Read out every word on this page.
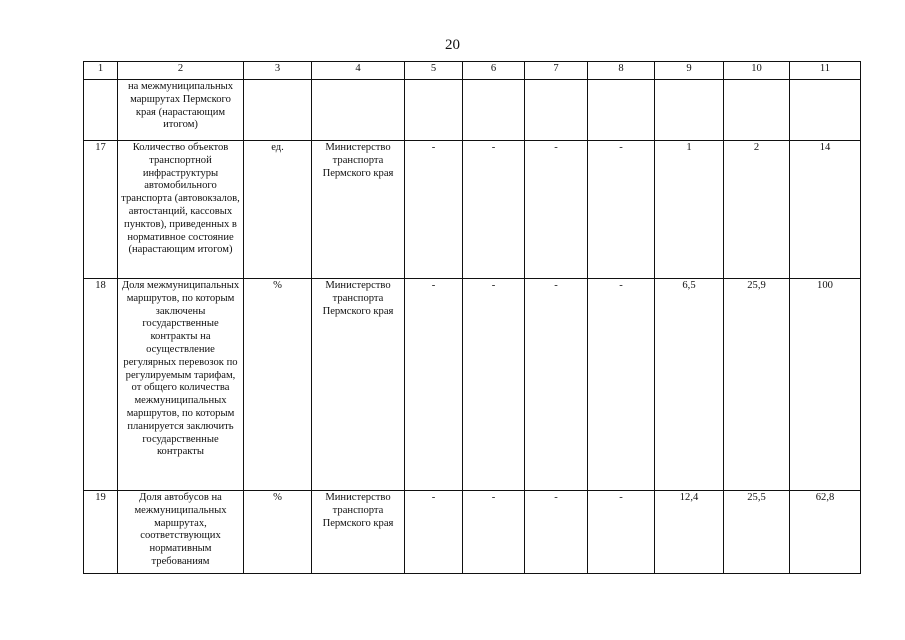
20
1	2	3	4	5	6	7	8	9	10	11
	на межмуниципальных маршрутах Пермского края (нарастающим итогом)									
17	Количество объектов транспортной инфраструктуры автомобильного транспорта (автовокзалов, автостанций, кассовых пунктов), приведенных в нормативное состояние (нарастающим итогом)	ед.	Министерство транспорта Пермского края	-	-	-	-	1	2	14
18	Доля межмуниципальных маршрутов, по которым заключены государственные контракты на осуществление регулярных перевозок по регулируемым тарифам, от общего количества межмуниципальных маршрутов, по которым планируется заключить государственные контракты	%	Министерство транспорта Пермского края	-	-	-	-	6,5	25,9	100
19	Доля автобусов на межмуниципальных маршрутах, соответствующих нормативным требованиям	%	Министерство транспорта Пермского края	-	-	-	-	12,4	25,5	62,8
